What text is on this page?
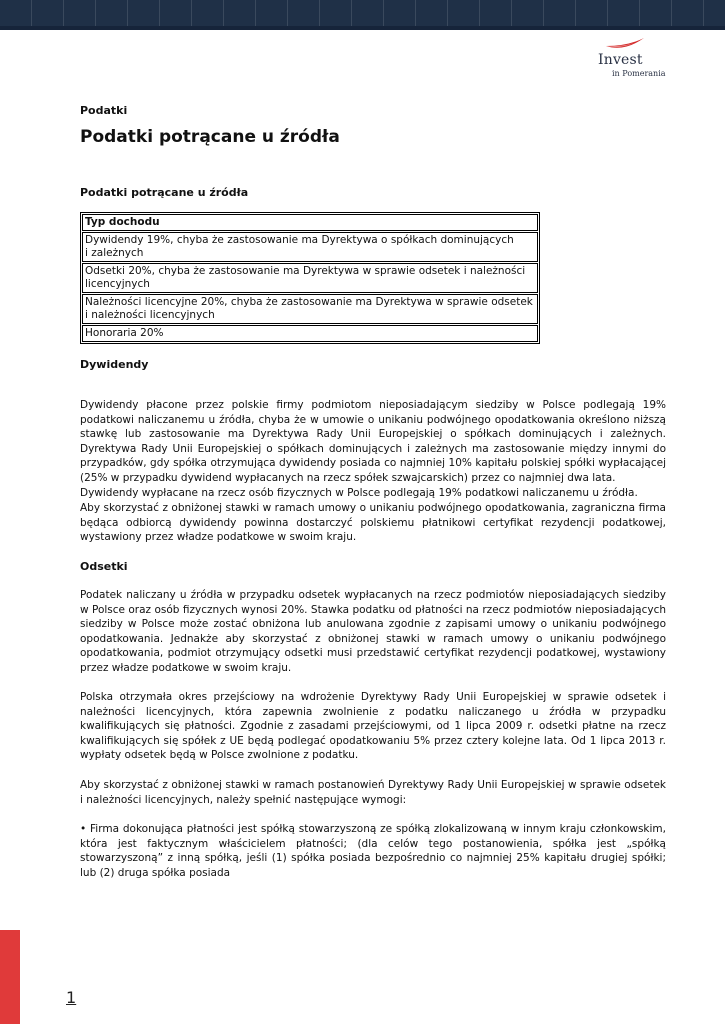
Invest
in Pomerania
Podatki
Podatki potrącane u źródła
Podatki potrącane u źródła
Typ dochodu
Dywidendy 19%, chyba że zastosowanie ma Dyrektywa o spółkach dominujących
i zależnych
Odsetki 20%, chyba że zastosowanie ma Dyrektywa w sprawie odsetek i należności
licencyjnych
Należności licencyjne 20%, chyba że zastosowanie ma Dyrektywa w sprawie odsetek
i należności licencyjnych
Honoraria 20%
Dywidendy

Dywidendy płacone przez polskie firmy podmiotom nieposiadającym siedziby w Polsce podlegają 19% podatkowi naliczanemu u źródła, chyba że w umowie o unikaniu podwójnego opodatkowania określono niższą stawkę lub zastosowanie ma Dyrektywa Rady Unii Europejskiej o spółkach dominujących i zależnych. Dyrektywa Rady Unii Europejskiej o spółkach dominujących i zależnych ma zastosowanie między innymi do przypadków, gdy spółka otrzymująca dywidendy posiada co najmniej 10% kapitału polskiej spółki wypłacającej (25% w przypadku dywidend wypłacanych na rzecz spółek szwajcarskich) przez co najmniej dwa lata.

Dywidendy wypłacane na rzecz osób fizycznych w Polsce podlegają 19% podatkowi naliczanemu u źródła.

Aby skorzystać z obniżonej stawki w ramach umowy o unikaniu podwójnego opodatkowania, zagraniczna firma będąca odbiorcą dywidendy powinna dostarczyć polskiemu płatnikowi certyfikat rezydencji podatkowej, wystawiony przez władze podatkowe w swoim kraju.

Odsetki

Podatek naliczany u źródła w przypadku odsetek wypłacanych na rzecz podmiotów nieposiadających siedziby w Polsce oraz osób fizycznych wynosi 20%. Stawka podatku od płatności na rzecz podmiotów nieposiadających siedziby w Polsce może zostać obniżona lub anulowana zgodnie z zapisami umowy o unikaniu podwójnego opodatkowania. Jednakże aby skorzystać z obniżonej stawki w ramach umowy o unikaniu podwójnego opodatkowania, podmiot otrzymujący odsetki musi przedstawić certyfikat rezydencji podatkowej, wystawiony przez władze podatkowe w swoim kraju.

Polska otrzymała okres przejściowy na wdrożenie Dyrektywy Rady Unii Europejskiej w sprawie odsetek i należności licencyjnych, która zapewnia zwolnienie z podatku naliczanego u źródła w przypadku kwalifikujących się płatności. Zgodnie z zasadami przejściowymi, od 1 lipca 2009 r. odsetki płatne na rzecz kwalifikujących się spółek z UE będą podlegać opodatkowaniu 5% przez cztery kolejne lata. Od 1 lipca 2013 r. wypłaty odsetek będą w Polsce zwolnione z podatku.

Aby skorzystać z obniżonej stawki w ramach postanowień Dyrektywy Rady Unii Europejskiej w sprawie odsetek i należności licencyjnych, należy spełnić następujące wymogi:

• Firma dokonująca płatności jest spółką stowarzyszoną ze spółką zlokalizowaną w innym kraju członkowskim, która jest faktycznym właścicielem płatności; (dla celów tego postanowienia, spółka jest „spółką stowarzyszoną” z inną spółką, jeśli (1) spółka posiada bezpośrednio co najmniej 25% kapitału drugiej spółki; lub (2) druga spółka posiada

1
